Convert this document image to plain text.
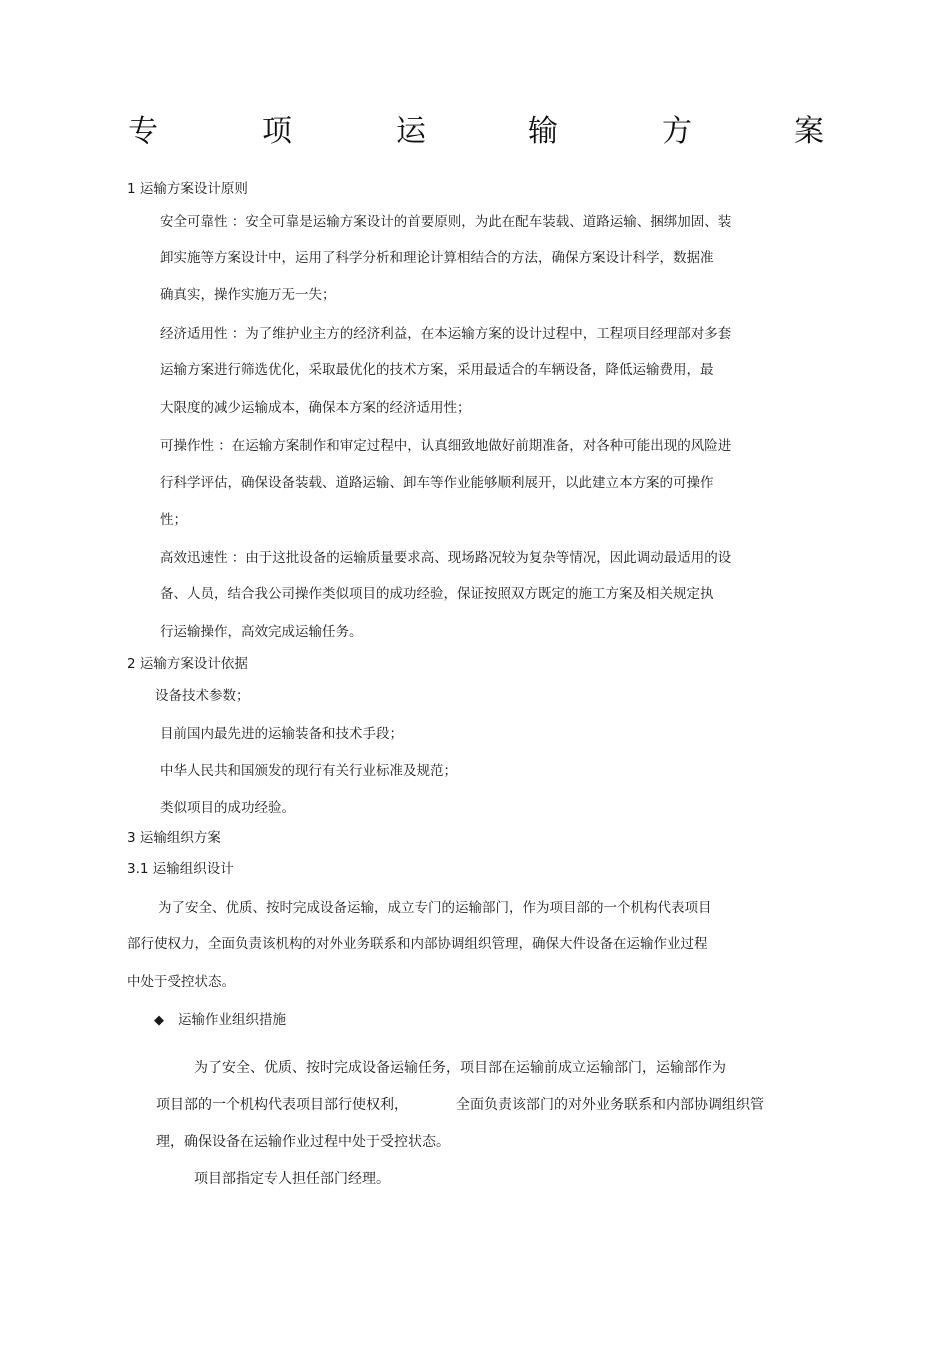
专	项	运	输	方	案
1 运输方案设计原则
安全可靠性 ：安全可靠是运输方案设计的首要原则，为此在配车装载、道路运输、捆绑加固、装
卸实施等方案设计中，运用了科学分析和理论计算相结合的方法，确保方案设计科学，数据准
确真实，操作实施万无一失；
经济适用性 ：为了维护业主方的经济利益，在本运输方案的设计过程中，工程项目经理部对多套
运输方案进行筛选优化，采取最优化的技术方案，采用最适合的车辆设备，降低运输费用，最
大限度的减少运输成本，确保本方案的经济适用性；
可操作性 ：在运输方案制作和审定过程中，认真细致地做好前期准备，对各种可能出现的风险进
行科学评估，确保设备装载、道路运输、卸车等作业能够顺利展开，以此建立本方案的可操作
性；
高效迅速性 ：由于这批设备的运输质量要求高、现场路况较为复杂等情况，因此调动最适用的设
备、人员，结合我公司操作类似项目的成功经验，保证按照双方既定的施工方案及相关规定执
行运输操作，高效完成运输任务。
2 运输方案设计依据
设备技术参数；
目前国内最先进的运输装备和技术手段；
中华人民共和国颁发的现行有关行业标准及规范；
类似项目的成功经验。
3 运输组织方案
3.1 运输组织设计
为了安全、优质、按时完成设备运输，成立专门的运输部门，作为项目部的一个机构代表项目
部行使权力，全面负责该机构的对外业务联系和内部协调组织管理，确保大件设备在运输作业过程
中处于受控状态。
◆ 运输作业组织措施
为了安全、优质、按时完成设备运输任务，项目部在运输前成立运输部门，运输部作为
项目部的一个机构代表项目部行使权利，	全面负责该部门的对外业务联系和内部协调组织管
理，确保设备在运输作业过程中处于受控状态。
项目部指定专人担任部门经理。
